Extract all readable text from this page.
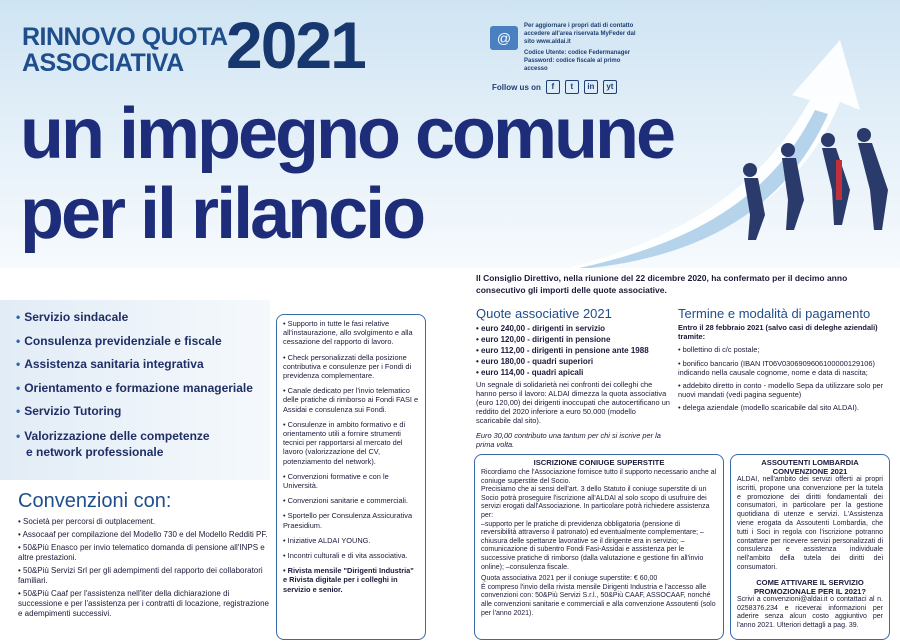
RINNOVO QUOTA
ASSOCIATIVA 2021
un impegno comune
per il rilancio
@
Per aggiornare i propri dati di contatto accedere all'area riservata MyFeder dal sito www.aldai.it
Codice Utente: codice Federmanager
Password: codice fiscale al primo accesso
Follow us on	f	t	in	yt
Il Consiglio Direttivo, nella riunione del 22 dicembre 2020, ha confermato per il decimo anno consecutivo gli importi delle quote associative.
• Servizio sindacale
• Consulenza previdenziale e fiscale
• Assistenza sanitaria integrativa
• Orientamento e formazione manageriale
• Servizio Tutoring
• Valorizzazione delle competenze
e network professionale
Convenzioni con:

• Società per percorsi di outplacement.

• Assocaaf per compilazione del Modello 730 e del Modello Redditi PF.

• 50&Più Enasco per invio telematico domanda di pensione all'INPS e altre prestazioni.

• 50&Più Servizi Srl per gli adempimenti del rapporto dei collaboratori familiari.

• 50&Più Caaf per l'assistenza nell'iter della dichiarazione di successione e per l'assistenza per i contratti di locazione, registrazione e adempimenti successivi.

• Supporto in tutte le fasi relative all'instaurazione, allo svolgimento e alla cessazione del rapporto di lavoro.

• Check personalizzati della posizione contributiva e consulenze per i Fondi di previdenza complementare.

• Canale dedicato per l'invio telematico delle pratiche di rimborso ai Fondi FASI e Assidai e consulenza sui Fondi.

• Consulenze in ambito formativo e di orientamento utili a fornire strumenti tecnici per rapportarsi al mercato del lavoro (valorizzazione del CV, potenziamento del network).

• Convenzioni formative e con le Università.

• Convenzioni sanitarie e commerciali.

• Sportello per Consulenza Assicurativa Praesidium.

• Iniziative ALDAI YOUNG.

• Incontri culturali e di vita associativa.

• Rivista mensile "Dirigenti Industria" e Rivista digitale per i colleghi in servizio e senior.

Quote associative 2021
• euro 240,00 - dirigenti in servizio
• euro 120,00 - dirigenti in pensione
• euro 112,00 - dirigenti in pensione ante 1988
• euro 180,00 - quadri superiori
• euro 114,00 - quadri apicali
Un segnale di solidarietà nei confronti dei colleghi che hanno perso il lavoro: ALDAI dimezza la quota associativa (euro 120,00) dei dirigenti inoccupati che autocertificano un reddito del 2020 inferiore a euro 50.000 (modello scaricabile dal sito).
Euro 30,00 contributo una tantum per chi si iscrive per la prima volta.
Termine e modalità di pagamento

Entro il 28 febbraio 2021 (salvo casi di deleghe aziendali) tramite:

• bollettino di c/c postale;

• bonifico bancario (IBAN IT06V0306909606100000129106) indicando nella causale cognome, nome e data di nascita;

• addebito diretto in conto - modello Sepa da utilizzare solo per nuovi mandati (vedi pagina seguente)

• delega aziendale (modello scaricabile dal sito ALDAI).

ISCRIZIONE CONIUGE SUPERSTITE

Ricordiamo che l'Associazione fornisce tutto il supporto necessario anche al coniuge superstite del Socio.

Precisiamo che ai sensi dell'art. 3 dello Statuto il coniuge superstite di un Socio potrà proseguire l'iscrizione all'ALDAI al solo scopo di usufruire dei servizi erogati dall'Associazione. In particolare potrà richiedere assistenza per:

–supporto per le pratiche di previdenza obbligatoria (pensione di reversibilità attraverso il patronato) ed eventualmente complementare; –chiusura delle spettanze lavorative se il dirigente era in servizio; –comunicazione di subentro Fondi Fasi-Assidai e assistenza per le successive pratiche di rimborso (dalla valutazione e gestione fin all'invio online); –consulenza fiscale.

Quota associativa 2021 per il coniuge superstite: € 60,00

È compreso l'invio della rivista mensile Dirigenti Industria e l'accesso alle convenzioni con: 50&Più Servizi S.r.l., 50&Più CAAF, ASSOCAAF, nonché alle convenzioni sanitarie e commerciali e alla convenzione Assoutenti (solo per l'anno 2021).

ASSOUTENTI LOMBARDIA CONVENZIONE 2021

ALDAI, nell'ambito dei servizi offerti ai propri iscritti, propone una convenzione per la tutela e promozione dei diritti fondamentali dei consumatori, in particolare per la gestione quotidiana di utenze e servizi. L'Assistenza viene erogata da Assoutenti Lombardia, che tutti i Soci in regola con l'iscrizione potranno contattare per ricevere servizi personalizzati di consulenza e assistenza individuale nell'ambito della tutela dei diritti dei consumatori.

COME ATTIVARE IL SERVIZIO PROMOZIONALE PER IL 2021?

Scrivi a convenzioni@aldai.it o contattaci al n. 0258376.234 e riceverai informazioni per aderire senza alcun costo aggiuntivo per l'anno 2021. Ulteriori dettagli a pag. 39.
